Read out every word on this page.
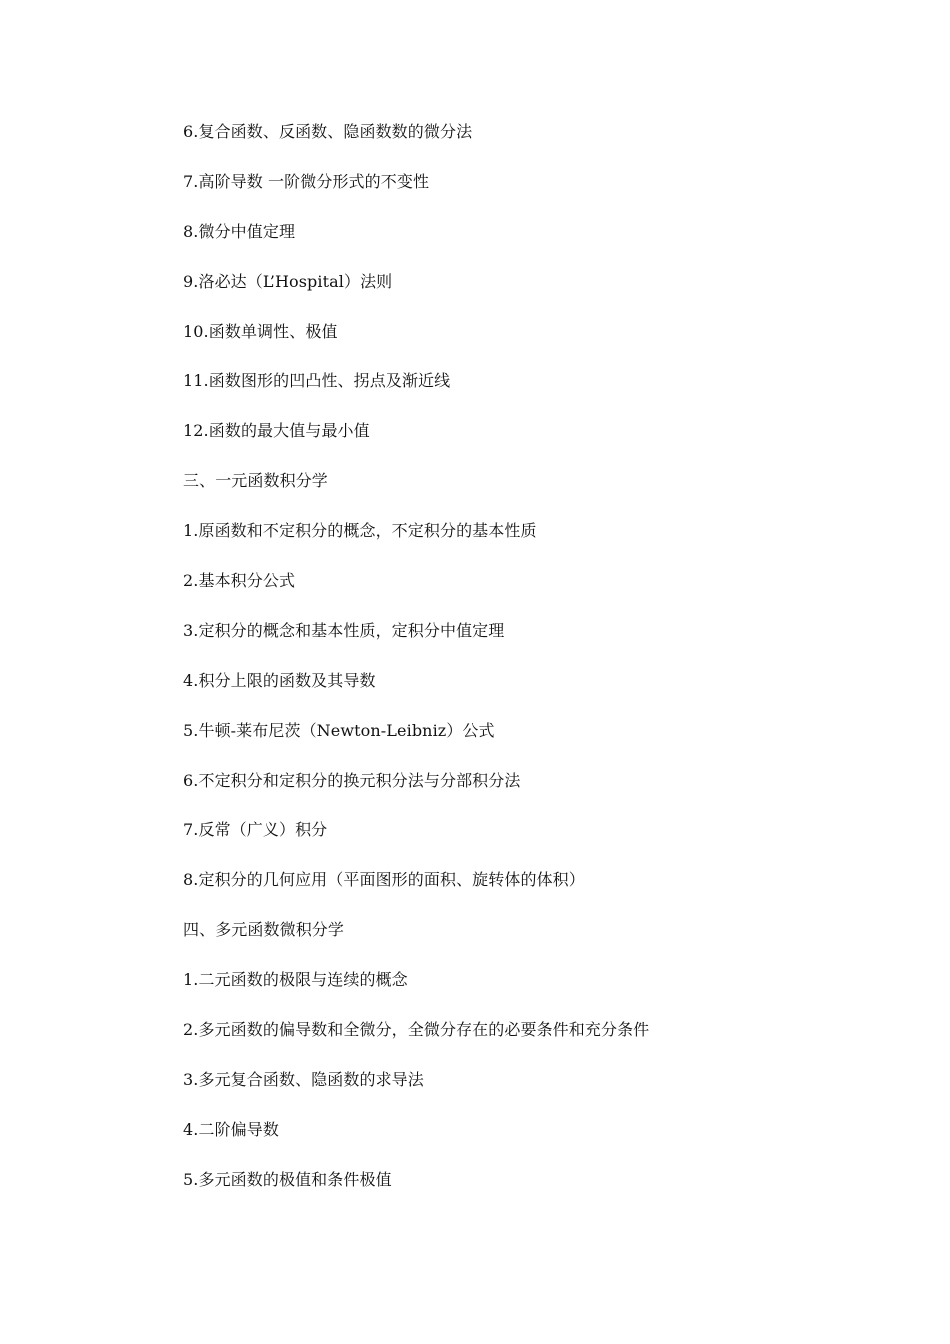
6.复合函数、反函数、隐函数数的微分法
7.高阶导数 一阶微分形式的不变性
8.微分中值定理
9.洛必达（L’Hospital）法则
10.函数单调性、极值
11.函数图形的凹凸性、拐点及渐近线
12.函数的最大值与最小值
三、一元函数积分学
1.原函数和不定积分的概念，不定积分的基本性质
2.基本积分公式
3.定积分的概念和基本性质，定积分中值定理
4.积分上限的函数及其导数
5.牛顿-莱布尼茨（Newton-Leibniz）公式
6.不定积分和定积分的换元积分法与分部积分法
7.反常（广义）积分
8.定积分的几何应用（平面图形的面积、旋转体的体积）
四、多元函数微积分学
1.二元函数的极限与连续的概念
2.多元函数的偏导数和全微分，全微分存在的必要条件和充分条件
3.多元复合函数、隐函数的求导法
4.二阶偏导数
5.多元函数的极值和条件极值
